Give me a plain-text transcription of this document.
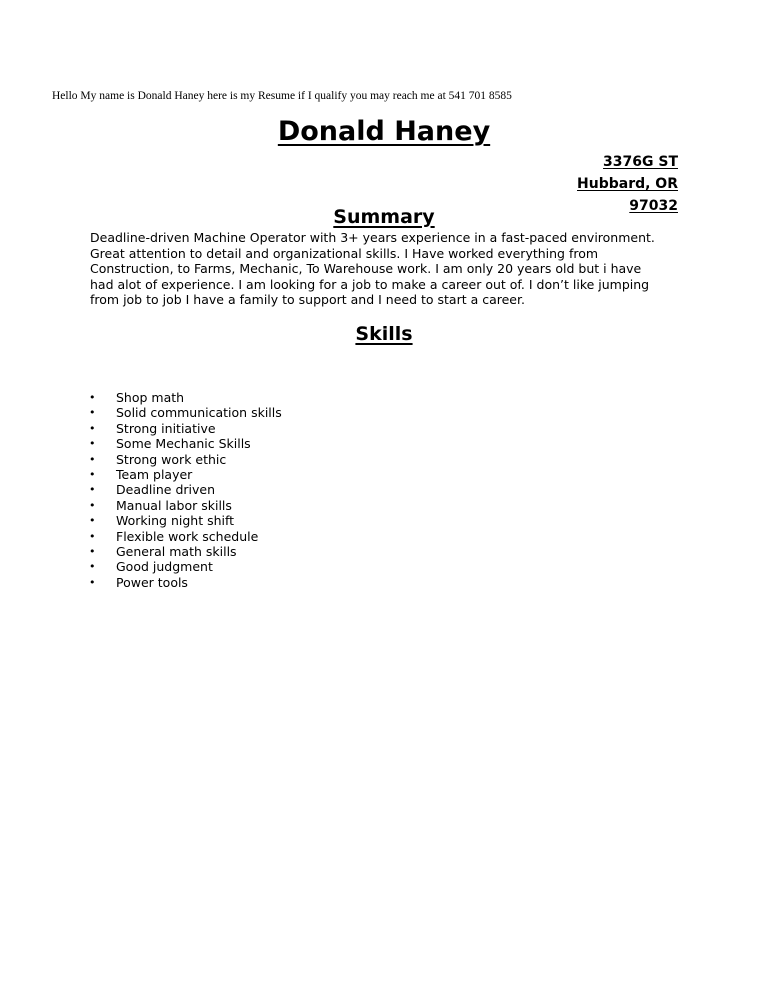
Hello My name is Donald Haney here is my Resume if I qualify you may reach me at 541 701 8585
Donald Haney
3376G ST
Hubbard, OR
97032
Summary
Deadline-driven Machine Operator with 3+ years experience in a fast-paced environment.
Great attention to detail and organizational skills. I Have worked everything from
Construction, to Farms, Mechanic, To Warehouse work. I am only 20 years old but i have
had alot of experience. I am looking for a job to make a career out of. I don’t like jumping
from job to job I have a family to support and I need to start a career.
Skills
• Shop math
• Solid communication skills
• Strong initiative
• Some Mechanic Skills
• Strong work ethic
• Team player
• Deadline driven
• Manual labor skills
• Working night shift
• Flexible work schedule
• General math skills
• Good judgment
• Power tools
